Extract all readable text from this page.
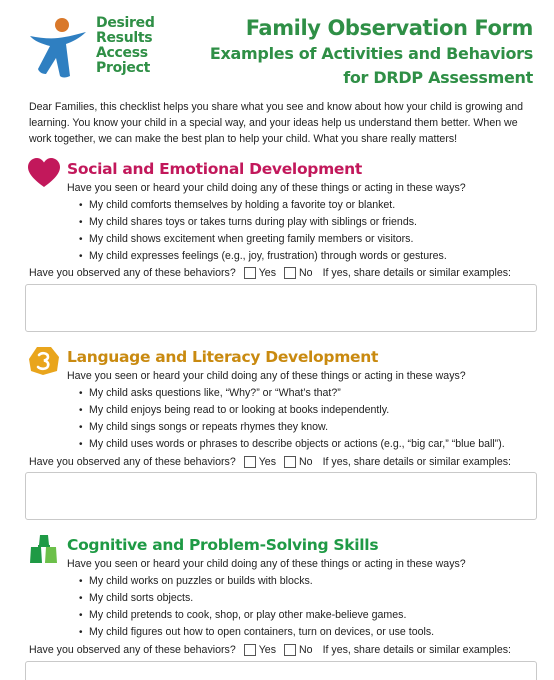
Desired
Results
Access
Project
Family Observation Form
Examples of Activities and Behaviors
for DRDP Assessment

Dear Families, this checklist helps you share what you see and know about how your child is growing and learning. You know your child in a special way, and your ideas help us understand them better. When we work together, we can make the best plan to help your child. What you share really matters!

Social and Emotional Development
Have you seen or heard your child doing any of these things or acting in these ways?
• My child comforts themselves by holding a favorite toy or blanket.
• My child shares toys or takes turns during play with siblings or friends.
• My child shows excitement when greeting family members or visitors.
• My child expresses feelings (e.g., joy, frustration) through words or gestures.
Have you observed any of these behaviors? Yes No If yes, share details or similar examples:
Language and Literacy Development
Have you seen or heard your child doing any of these things or acting in these ways?
• My child asks questions like, “Why?” or “What’s that?”
• My child enjoys being read to or looking at books independently.
• My child sings songs or repeats rhymes they know.
• My child uses words or phrases to describe objects or actions (e.g., “big car,” “blue ball”).
Have you observed any of these behaviors? Yes No If yes, share details or similar examples:
Cognitive and Problem-Solving Skills
Have you seen or heard your child doing any of these things or acting in these ways?
• My child works on puzzles or builds with blocks.
• My child sorts objects.
• My child pretends to cook, shop, or play other make-believe games.
• My child figures out how to open containers, turn on devices, or use tools.
Have you observed any of these behaviors? Yes No If yes, share details or similar examples:
